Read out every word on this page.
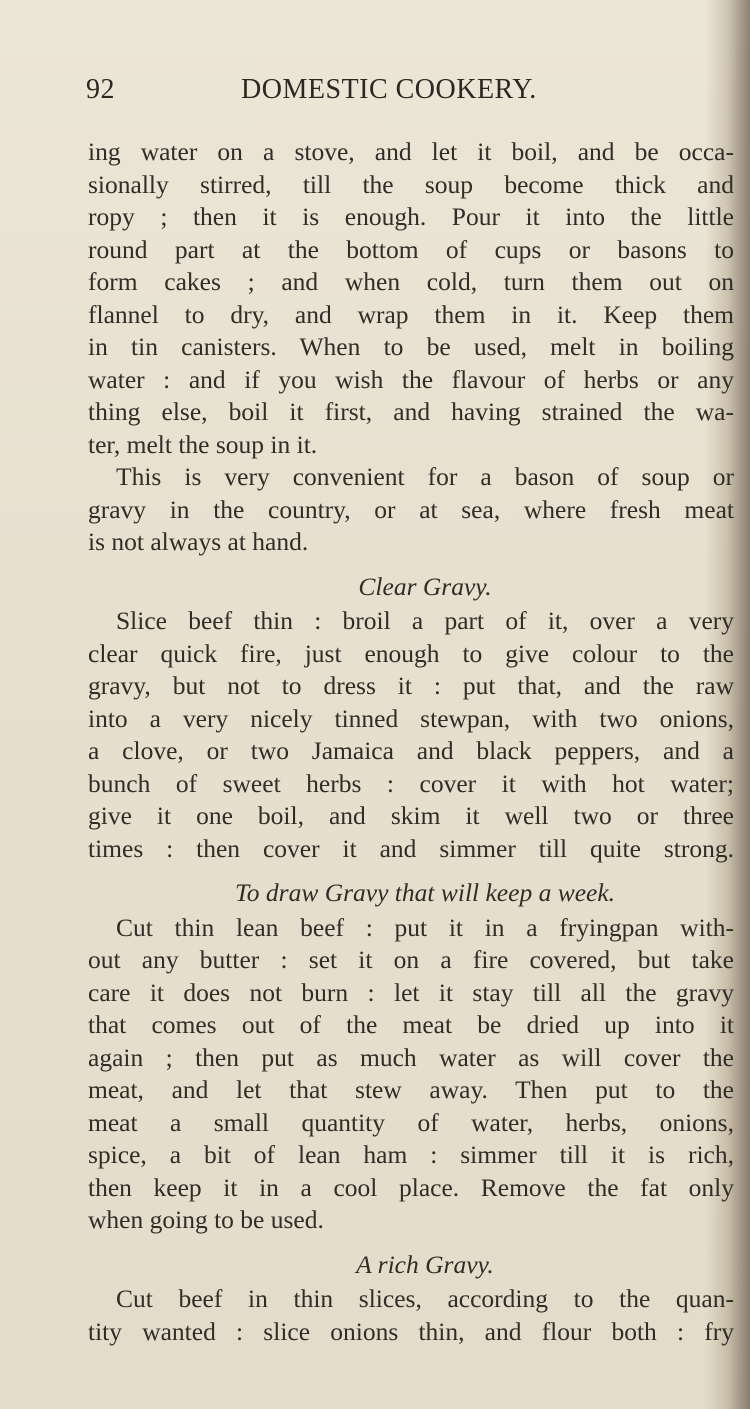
92	DOMESTIC COOKERY.
ing water on a stove, and let it boil, and be occa-
sionally stirred, till the soup become thick and
ropy ; then it is enough. Pour it into the little
round part at the bottom of cups or basons to
form cakes ; and when cold, turn them out on
flannel to dry, and wrap them in it. Keep them
in tin canisters. When to be used, melt in boiling
water : and if you wish the flavour of herbs or any
thing else, boil it first, and having strained the wa-
ter, melt the soup in it.
This is very convenient for a bason of soup or
gravy in the country, or at sea, where fresh meat
is not always at hand.
Clear Gravy.
Slice beef thin : broil a part of it, over a very
clear quick fire, just enough to give colour to the
gravy, but not to dress it : put that, and the raw
into a very nicely tinned stewpan, with two onions,
a clove, or two Jamaica and black peppers, and a
bunch of sweet herbs : cover it with hot water;
give it one boil, and skim it well two or three
times : then cover it and simmer till quite strong.
To draw Gravy that will keep a week.
Cut thin lean beef : put it in a fryingpan with-
out any butter : set it on a fire covered, but take
care it does not burn : let it stay till all the gravy
that comes out of the meat be dried up into it
again ; then put as much water as will cover the
meat, and let that stew away. Then put to the
meat a small quantity of water, herbs, onions,
spice, a bit of lean ham : simmer till it is rich,
then keep it in a cool place. Remove the fat only
when going to be used.
A rich Gravy.
Cut beef in thin slices, according to the quan-
tity wanted : slice onions thin, and flour both : fry
